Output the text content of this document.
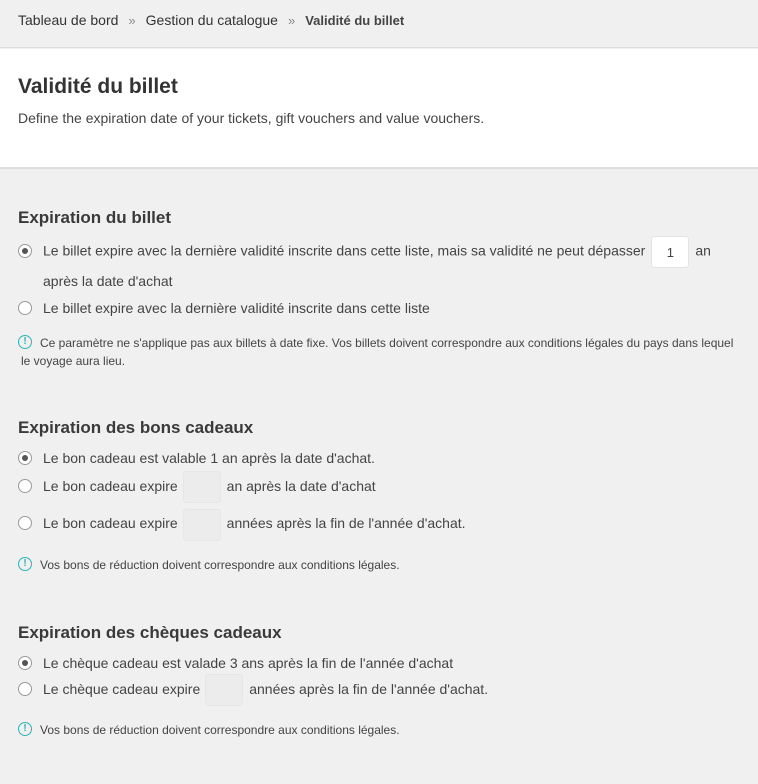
Tableau de bord » Gestion du catalogue » Validité du billet
Validité du billet

Define the expiration date of your tickets, gift vouchers and value vouchers.

Expiration du billet
Le billet expire avec la dernière validité inscrite dans cette liste, mais sa validité ne peut dépasser1	an
après la date d'achat
Le billet expire avec la dernière validité inscrite dans cette liste
!	Ce paramètre ne s'applique pas aux billets à date fixe. Vos billets doivent correspondre aux conditions légales du pays dans lequel le voyage aura lieu.
Expiration des bons cadeaux
Le bon cadeau est valable 1 an après la date d'achat.
Le bon cadeau expire	an après la date d'achat
Le bon cadeau expire	années après la fin de l'année d'achat.
!	Vos bons de réduction doivent correspondre aux conditions légales.
Expiration des chèques cadeaux
Le chèque cadeau est valade 3 ans après la fin de l'année d'achat
Le chèque cadeau expire	années après la fin de l'année d'achat.
!	Vos bons de réduction doivent correspondre aux conditions légales.
